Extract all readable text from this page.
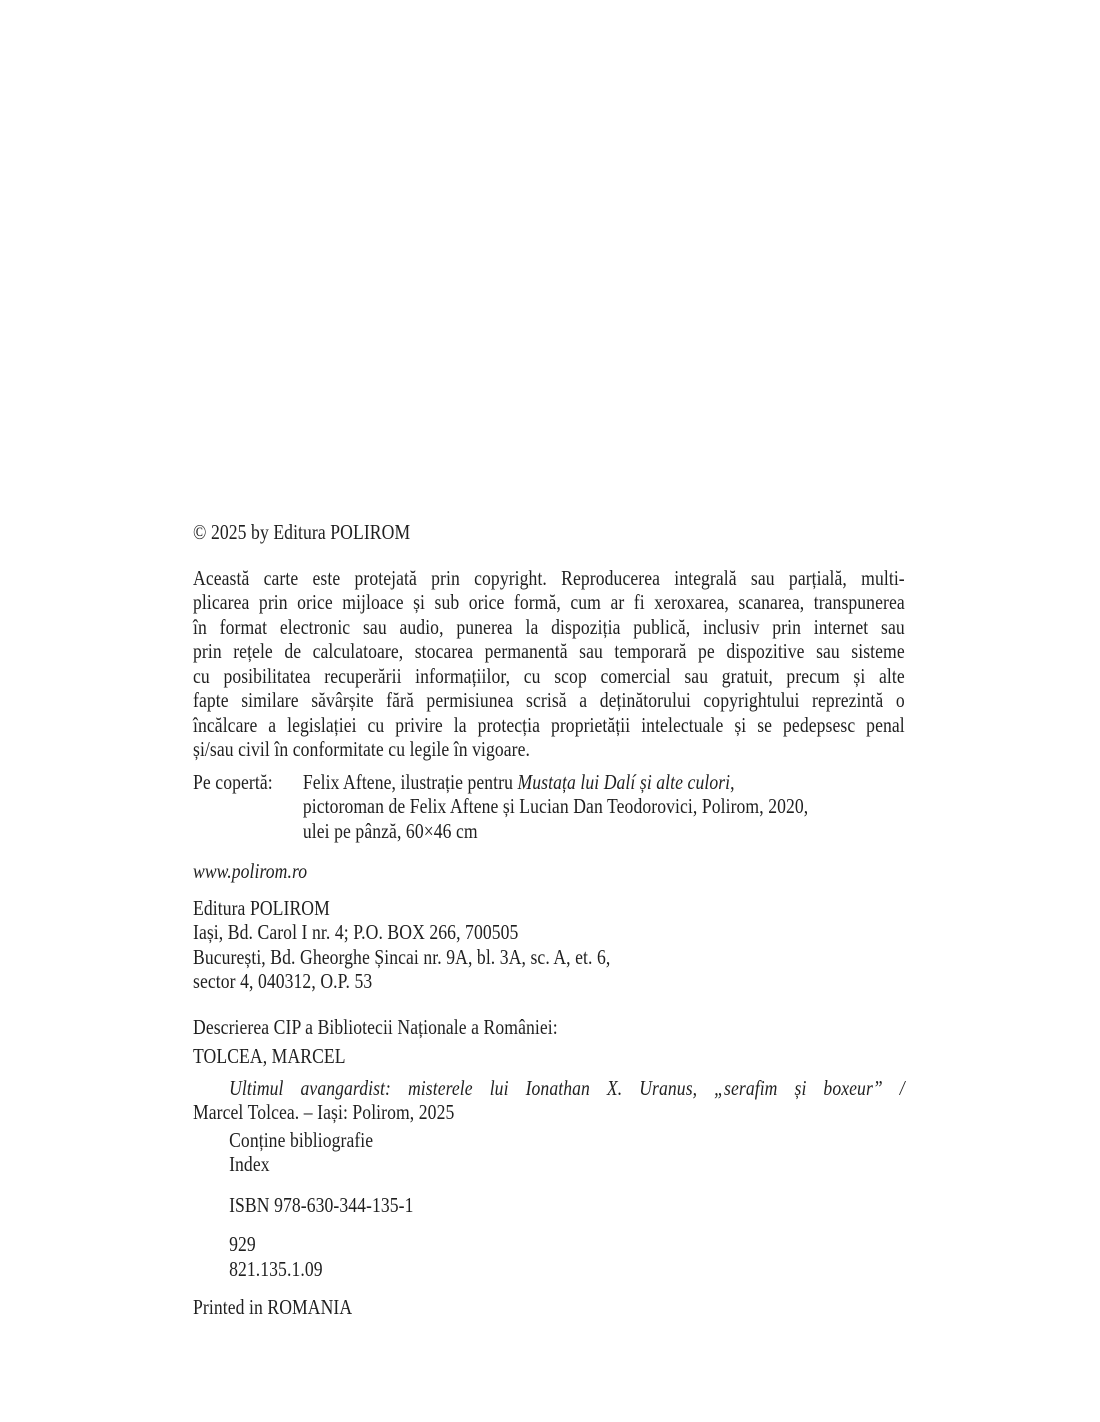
© 2025 by Editura POLIROM
Această carte este protejată prin copyright. Reproducerea integrală sau parțială, multi-
plicarea prin orice mijloace și sub orice formă, cum ar fi xeroxarea, scanarea, transpunerea
în format electronic sau audio, punerea la dispoziția publică, inclusiv prin internet sau
prin rețele de calculatoare, stocarea permanentă sau temporară pe dispozitive sau sisteme
cu posibilitatea recuperării informațiilor, cu scop comercial sau gratuit, precum și alte
fapte similare săvârșite fără permisiunea scrisă a deținătorului copyrightului reprezintă o
încălcare a legislației cu privire la protecția proprietății intelectuale și se pedepsesc penal
și/sau civil în conformitate cu legile în vigoare.
Pe copertă:	Felix Aftene, ilustrație pentru Mustața lui Dalí și alte culori,
pictoroman de Felix Aftene și Lucian Dan Teodorovici, Polirom, 2020,
ulei pe pânză, 60×46 cm
www.polirom.ro
Editura POLIROM
Iași, Bd. Carol I nr. 4; P.O. BOX 266, 700505
București, Bd. Gheorghe Șincai nr. 9A, bl. 3A, sc. A, et. 6,
sector 4, 040312, O.P. 53
Descrierea CIP a Bibliotecii Naționale a României:
TOLCEA, MARCEL
Ultimul avangardist: misterele lui Ionathan X. Uranus, „serafim și boxeur” /
Marcel Tolcea. – Iași: Polirom, 2025
Conține bibliografie
Index
ISBN 978-630-344-135-1
929
821.135.1.09
Printed in ROMANIA
